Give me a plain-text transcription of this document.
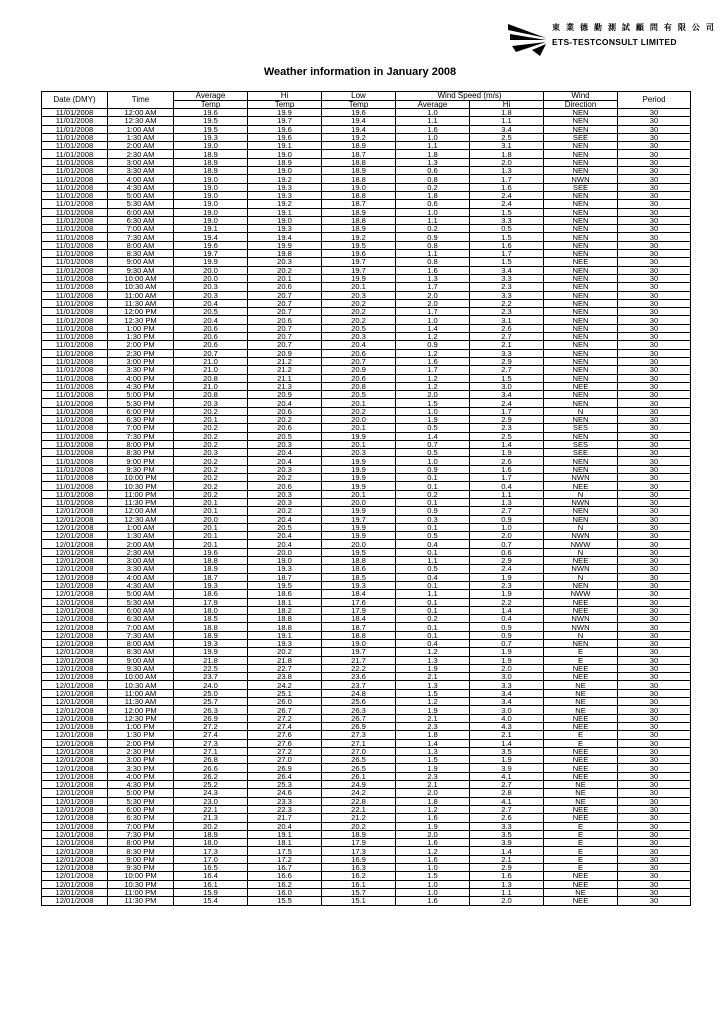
東 業 德 勤 測 試 顧 問 有 限 公 司
ETS-TESTCONSULT LIMITED
Weather information in January 2008
Date (DMY)	Time	Average	Hi	Low	Wind Speed (m/s)		Wind	Period
		Temp	Temp	Temp	Average	Hi	Direction	
11/01/2008	12:00 AM	19.6	19.9	19.6	1.0	1.8	NEN	30
11/01/2008	12:30 AM	19.5	19.7	19.4	1.1	1.1	NEN	30
11/01/2008	1:00 AM	19.5	19.6	19.4	1.6	3.4	NEN	30
11/01/2008	1:30 AM	19.3	19.6	19.2	1.0	2.5	SEE	30
11/01/2008	2:00 AM	19.0	19.1	18.9	1.1	3.1	NEN	30
11/01/2008	2:30 AM	18.9	19.0	18.7	1.8	1.8	NEN	30
11/01/2008	3:00 AM	18.9	18.9	18.8	1.3	2.0	NEN	30
11/01/2008	3:30 AM	18.9	19.0	18.9	0.6	1.3	NEN	30
11/01/2008	4:00 AM	19.0	19.2	18.8	0.8	1.7	NWN	30
11/01/2008	4:30 AM	19.0	19.3	19.0	0.2	1.6	SEE	30
11/01/2008	5:00 AM	19.0	19.3	18.8	1.8	2.4	NEN	30
11/01/2008	5:30 AM	19.0	19.2	18.7	0.6	2.4	NEN	30
11/01/2008	6:00 AM	19.0	19.1	18.9	1.0	1.5	NEN	30
11/01/2008	6:30 AM	19.0	19.0	18.8	1.1	3.3	NEN	30
11/01/2008	7:00 AM	19.1	19.3	18.9	0.2	0.5	NEN	30
11/01/2008	7:30 AM	19.4	19.4	19.2	0.9	1.5	NEN	30
11/01/2008	8:00 AM	19.6	19.9	19.5	0.8	1.6	NEN	30
11/01/2008	8:30 AM	19.7	19.8	19.6	1.1	1.7	NEN	30
11/01/2008	9:00 AM	19.9	20.3	19.7	0.8	1.5	NEE	30
11/01/2008	9:30 AM	20.0	20.2	19.7	1.6	3.4	NEN	30
11/01/2008	10:00 AM	20.0	20.1	19.9	1.3	3.3	NEN	30
11/01/2008	10:30 AM	20.3	20.6	20.1	1.7	2.3	NEN	30
11/01/2008	11:00 AM	20.3	20.7	20.3	2.0	3.3	NEN	30
11/01/2008	11:30 AM	20.4	20.7	20.2	2.0	2.2	NEN	30
11/01/2008	12:00 PM	20.5	20.7	20.2	1.7	2.3	NEN	30
11/01/2008	12:30 PM	20.4	20.6	20.2	1.0	3.1	NEN	30
11/01/2008	1:00 PM	20.6	20.7	20.5	1.4	2.6	NEN	30
11/01/2008	1:30 PM	20.6	20.7	20.3	1.2	2.7	NEN	30
11/01/2008	2:00 PM	20.6	20.7	20.4	0.9	2.1	NEN	30
11/01/2008	2:30 PM	20.7	20.9	20.6	1.2	3.3	NEN	30
11/01/2008	3:00 PM	21.0	21.2	20.7	1.6	2.9	NEN	30
11/01/2008	3:30 PM	21.0	21.2	20.9	1.7	2.7	NEN	30
11/01/2008	4:00 PM	20.8	21.1	20.6	1.2	1.5	NEN	30
11/01/2008	4:30 PM	21.0	21.3	20.8	1.2	3.0	NEE	30
11/01/2008	5:00 PM	20.8	20.9	20.5	2.0	3.4	NEN	30
11/01/2008	5:30 PM	20.3	20.4	20.1	1.5	2.4	NEN	30
11/01/2008	6:00 PM	20.2	20.6	20.2	1.0	1.7	N	30
11/01/2008	6:30 PM	20.1	20.2	20.0	1.9	2.9	NEN	30
11/01/2008	7:00 PM	20.2	20.6	20.1	0.5	2.3	SES	30
11/01/2008	7:30 PM	20.2	20.5	19.9	1.4	2.5	NEN	30
11/01/2008	8:00 PM	20.2	20.3	20.1	0.7	1.4	SES	30
11/01/2008	8:30 PM	20.3	20.4	20.3	0.5	1.9	SEE	30
11/01/2008	9:00 PM	20.2	20.4	19.9	1.0	2.6	NEN	30
11/01/2008	9:30 PM	20.2	20.3	19.9	0.9	1.6	NEN	30
11/01/2008	10:00 PM	20.2	20.2	19.9	0.1	1.7	NWN	30
11/01/2008	10:30 PM	20.2	20.6	19.9	0.1	0.4	NEE	30
11/01/2008	11:00 PM	20.2	20.3	20.1	0.2	1.1	N	30
11/01/2008	11:30 PM	20.1	20.3	20.0	0.1	1.3	NWN	30
12/01/2008	12:00 AM	20.1	20.2	19.9	0.9	2.7	NEN	30
12/01/2008	12:30 AM	20.0	20.4	19.7	0.3	0.9	NEN	30
12/01/2008	1:00 AM	20.1	20.5	19.9	0.1	1.0	N	30
12/01/2008	1:30 AM	20.1	20.4	19.9	0.5	2.0	NWN	30
12/01/2008	2:00 AM	20.1	20.4	20.0	0.4	0.7	NWW	30
12/01/2008	2:30 AM	19.6	20.0	19.5	0.1	0.6	N	30
12/01/2008	3:00 AM	18.8	19.0	18.8	1.1	2.9	NEE	30
12/01/2008	3:30 AM	18.9	19.3	18.6	0.5	2.4	NWN	30
12/01/2008	4:00 AM	18.7	18.7	18.5	0.4	1.9	N	30
12/01/2008	4:30 AM	19.3	19.5	19.3	0.1	2.3	NEN	30
12/01/2008	5:00 AM	18.6	18.6	18.4	1.1	1.9	NWW	30
12/01/2008	5:30 AM	17.9	18.1	17.6	0.1	2.2	NEE	30
12/01/2008	6:00 AM	18.0	18.2	17.9	0.1	1.4	NEE	30
12/01/2008	6:30 AM	18.5	18.8	18.4	0.2	0.4	NWN	30
12/01/2008	7:00 AM	18.8	18.8	18.7	0.1	0.9	NWN	30
12/01/2008	7:30 AM	18.9	19.1	18.8	0.1	0.9	N	30
12/01/2008	8:00 AM	19.3	19.3	19.0	0.4	0.7	NEN	30
12/01/2008	8:30 AM	19.9	20.2	19.7	1.2	1.9	E	30
12/01/2008	9:00 AM	21.8	21.8	21.7	1.3	1.9	E	30
12/01/2008	9:30 AM	22.5	22.7	22.2	1.9	2.0	NEE	30
12/01/2008	10:00 AM	23.7	23.8	23.6	2.1	3.0	NEE	30
12/01/2008	10:30 AM	24.0	24.2	23.7	1.3	3.3	NE	30
12/01/2008	11:00 AM	25.0	25.1	24.8	1.5	3.4	NE	30
12/01/2008	11:30 AM	25.7	26.0	25.6	1.2	3.4	NE	30
12/01/2008	12:00 PM	26.3	26.7	26.3	1.9	3.0	NE	30
12/01/2008	12:30 PM	26.9	27.2	26.7	2.1	4.0	NEE	30
12/01/2008	1:00 PM	27.2	27.4	26.9	2.3	4.3	NEE	30
12/01/2008	1:30 PM	27.4	27.6	27.3	1.8	2.1	E	30
12/01/2008	2:00 PM	27.3	27.6	27.1	1.4	1.4	E	30
12/01/2008	2:30 PM	27.1	27.2	27.0	1.3	3.5	NEE	30
12/01/2008	3:00 PM	26.8	27.0	26.5	1.5	1.9	NEE	30
12/01/2008	3:30 PM	26.6	26.9	26.5	1.9	3.9	NEE	30
12/01/2008	4:00 PM	26.2	26.4	26.1	2.3	4.1	NEE	30
12/01/2008	4:30 PM	25.2	25.3	24.9	2.1	2.7	NE	30
12/01/2008	5:00 PM	24.3	24.6	24.2	2.0	2.8	NE	30
12/01/2008	5:30 PM	23.0	23.3	22.8	1.8	4.1	NE	30
12/01/2008	6:00 PM	22.1	22.3	22.1	1.2	2.7	NEE	30
12/01/2008	6:30 PM	21.3	21.7	21.2	1.6	2.6	NEE	30
12/01/2008	7:00 PM	20.2	20.4	20.2	1.9	3.3	E	30
12/01/2008	7:30 PM	18.9	19.1	18.9	2.0	3.5	E	30
12/01/2008	8:00 PM	18.0	18.1	17.9	1.6	3.9	E	30
12/01/2008	8:30 PM	17.3	17.5	17.3	1.2	1.4	E	30
12/01/2008	9:00 PM	17.0	17.2	16.9	1.6	2.1	E	30
12/01/2008	9:30 PM	16.5	16.7	16.3	1.0	2.9	E	30
12/01/2008	10:00 PM	16.4	16.6	16.2	1.5	1.6	NEE	30
12/01/2008	10:30 PM	16.1	16.2	16.1	1.0	1.3	NEE	30
12/01/2008	11:00 PM	15.9	16.0	15.7	1.0	1.1	NE	30
12/01/2008	11:30 PM	15.4	15.5	15.1	1.6	2.0	NEE	30
